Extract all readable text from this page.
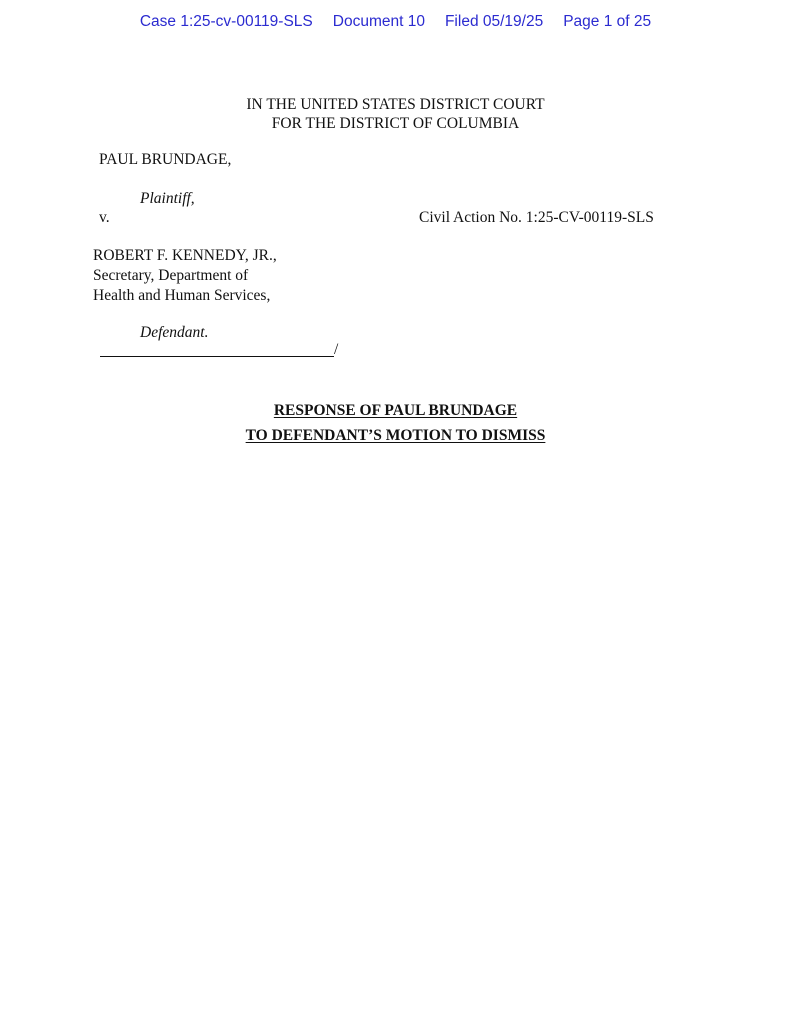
Case 1:25-cv-00119-SLS Document 10 Filed 05/19/25 Page 1 of 25
IN THE UNITED STATES DISTRICT COURT
FOR THE DISTRICT OF COLUMBIA
PAUL BRUNDAGE,
Plaintiff,
v.	Civil Action No. 1:25-CV-00119-SLS
ROBERT F. KENNEDY, JR.,
Secretary, Department of
Health and Human Services,
Defendant.
/
RESPONSE OF PAUL BRUNDAGE
TO DEFENDANT’S MOTION TO DISMISS
